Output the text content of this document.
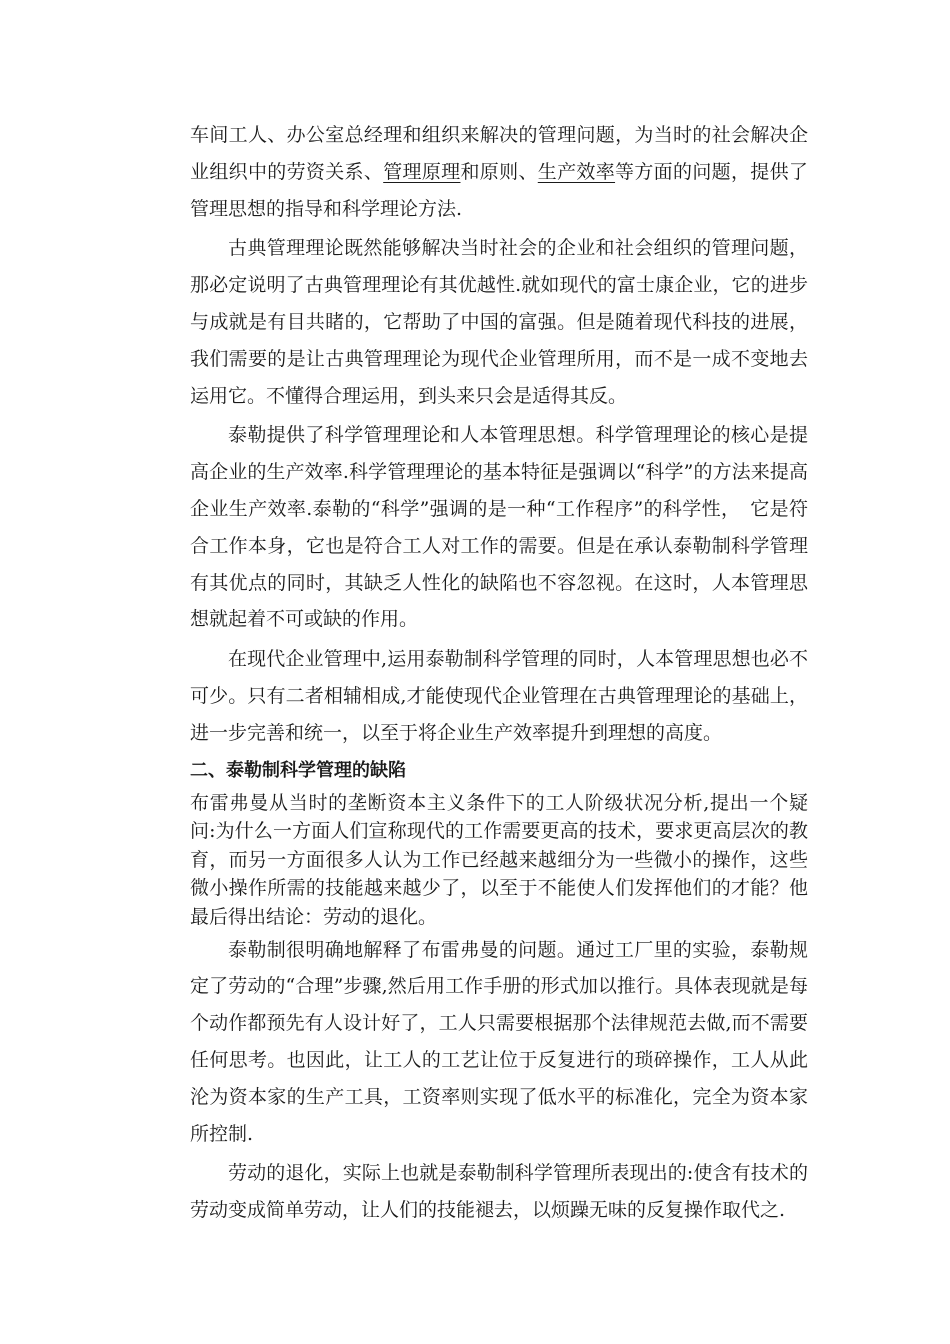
车间工人、办公室总经理和组织来解决的管理问题，为当时的社会解决企业组织中的劳资关系、管理原理和原则、生产效率等方面的问题，提供了管理思想的指导和科学理论方法.

古典管理理论既然能够解决当时社会的企业和社会组织的管理问题，那必定说明了古典管理理论有其优越性.就如现代的富士康企业，它的进步与成就是有目共睹的，它帮助了中国的富强。但是随着现代科技的进展，我们需要的是让古典管理理论为现代企业管理所用，而不是一成不变地去运用它。不懂得合理运用，到头来只会是适得其反。

泰勒提供了科学管理理论和人本管理思想。科学管理理论的核心是提高企业的生产效率.科学管理理论的基本特征是强调以“科学”的方法来提高企业生产效率.泰勒的“科学”强调的是一种“工作程序”的科学性，　它是符合工作本身，它也是符合工人对工作的需要。但是在承认泰勒制科学管理有其优点的同时，其缺乏人性化的缺陷也不容忽视。在这时，人本管理思想就起着不可或缺的作用。

在现代企业管理中,运用泰勒制科学管理的同时，人本管理思想也必不可少。只有二者相辅相成,才能使现代企业管理在古典管理理论的基础上，进一步完善和统一，以至于将企业生产效率提升到理想的高度。

二、泰勒制科学管理的缺陷

布雷弗曼从当时的垄断资本主义条件下的工人阶级状况分析,提出一个疑问:为什么一方面人们宣称现代的工作需要更高的技术，要求更高层次的教育，而另一方面很多人认为工作已经越来越细分为一些微小的操作，这些微小操作所需的技能越来越少了，以至于不能使人们发挥他们的才能？他最后得出结论：劳动的退化。

泰勒制很明确地解释了布雷弗曼的问题。通过工厂里的实验，泰勒规定了劳动的“合理”步骤,然后用工作手册的形式加以推行。具体表现就是每个动作都预先有人设计好了，工人只需要根据那个法律规范去做,而不需要任何思考。也因此，让工人的工艺让位于反复进行的琐碎操作，工人从此沦为资本家的生产工具，工资率则实现了低水平的标准化，完全为资本家所控制.

劳动的退化，实际上也就是泰勒制科学管理所表现出的:使含有技术的劳动变成简单劳动，让人们的技能褪去，以烦躁无味的反复操作取代之.
